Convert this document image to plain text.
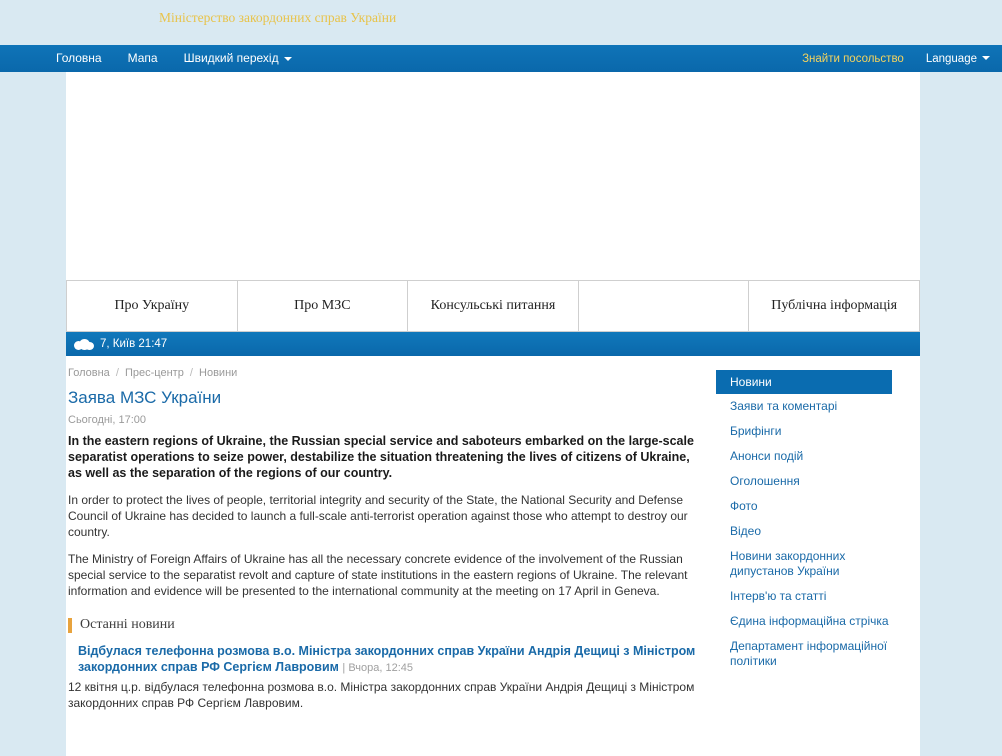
Міністерство закордонних справ України
Головна	Мапа	Швидкий перехід	Знайти посольство Language
Про Україну	Про МЗС	Консульські питання	Публічна інформація
7, Київ 21:47
Головна / Прес-центр / Новини
Заява МЗС України
Сьогодні, 17:00
In the eastern regions of Ukraine, the Russian special service and saboteurs embarked on the large-scale separatist operations to seize power, destabilize the situation threatening the lives of citizens of Ukraine, as well as the separation of the regions of our country.
In order to protect the lives of people, territorial integrity and security of the State, the National Security and Defense Council of Ukraine has decided to launch a full-scale anti-terrorist operation against those who attempt to destroy our country.
The Ministry of Foreign Affairs of Ukraine has all the necessary concrete evidence of the involvement of the Russian special service to the separatist revolt and capture of state institutions in the eastern regions of Ukraine. The relevant information and evidence will be presented to the international community at the meeting on 17 April in Geneva.
Останні новини
Відбулася телефонна розмова в.о. Міністра закордонних справ України Андрія Дещиці з Міністром закордонних справ РФ Сергієм Лавровим | Вчора, 12:45
12 квітня ц.р. відбулася телефонна розмова в.о. Міністра закордонних справ України Андрія Дещиці з Міністром закордонних справ РФ Сергієм Лавровим.
Новини
Заяви та коментарі
Брифінги
Анонси подій
Оголошення
Фото
Відео
Новини закордонних дипустанов України
Інтерв'ю та статті
Єдина інформаційна стрічка
Департамент інформаційної політики
